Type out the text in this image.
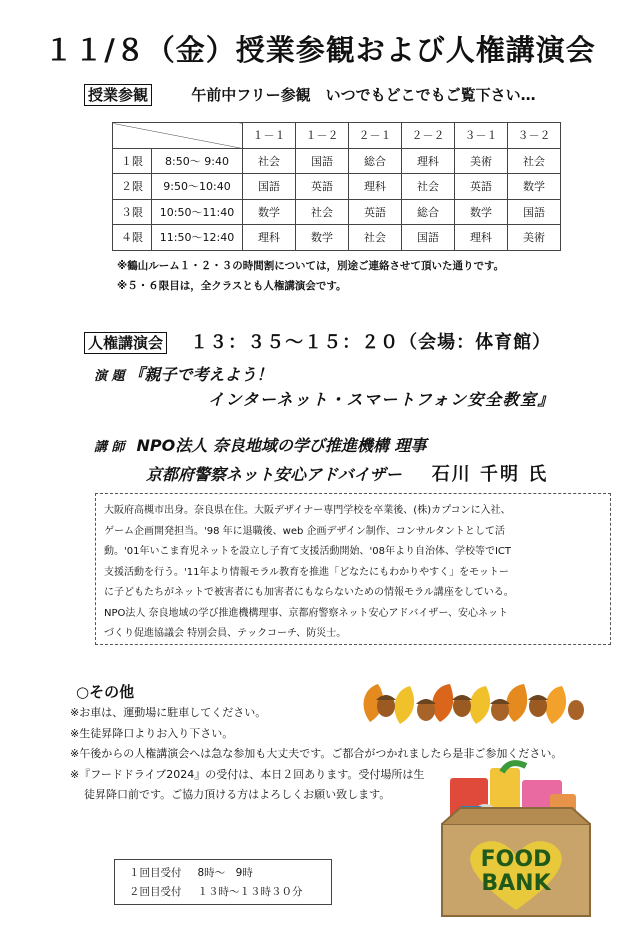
１１/８（金）授業参観および人権講演会
授業参観	午前中フリー参観　いつでもどこでもご覧下さい…
		１－１	１－２	２－１	２－２	３－１	３－２
１限	8:50～ 9:40	社会	国語	総合	理科	美術	社会
２限	9:50～10:40	国語	英語	理科	社会	英語	数学
３限	10:50～11:40	数学	社会	英語	総合	数学	国語
４限	11:50～12:40	理科	数学	社会	国語	理科	美術
※鶴山ルーム１・２・３の時間割については，別途ご連絡させて頂いた通りです。
※５・６限目は，全クラスとも人権講演会です。
人権講演会 １３：３５～１５：２０（会場：体育館）
演 題 『親子で考えよう！
インターネット・スマートフォン安全教室』
講 師 NPO法人 奈良地域の学び推進機構 理事
京都府警察ネット安心アドバイザー 石川 千明 氏

大阪府高槻市出身。奈良県在住。大阪デザイナー専門学校を卒業後、(株)カプコンに入社、

ゲーム企画開発担当。'98 年に退職後、web 企画デザイン制作、コンサルタントとして活

動。'01年いこま育児ネットを設立し子育て支援活動開始、'08年より自治体、学校等でICT

支援活動を行う。'11年より情報モラル教育を推進「どなたにもわかりやすく」をモットー

に子どもたちがネットで被害者にも加害者にもならないための情報モラル講座をしている。

NPO法人 奈良地域の学び推進機構理事、京都府警察ネット安心アドバイザー、安心ネット

づくり促進協議会 特別会員、テックコーチ、防災士。

○その他
※お車は、運動場に駐車してください。
※生徒昇降口よりお入り下さい。
※午後からの人権講演会へは急な参加も大丈夫です。ご都合がつかれましたら是非ご参加ください。
※『フードドライブ2024』の受付は、本日２回あります。受付場所は生徒昇降口前です。ご協力頂ける方はよろしくお願い致します。
FOOD
BANK
１回目受付 8時～　9時
２回目受付 １３時～１３時３０分
